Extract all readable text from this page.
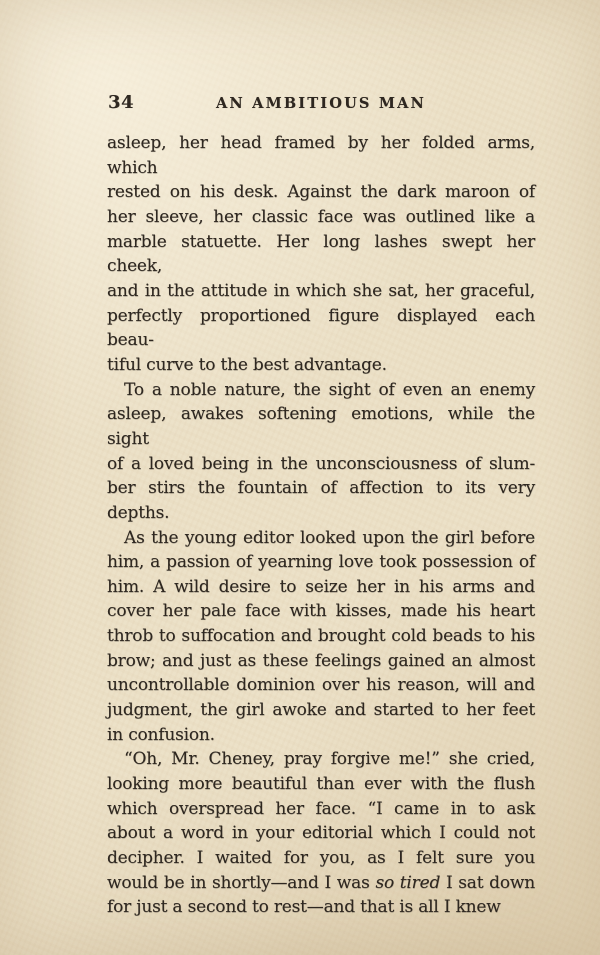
34	AN AMBITIOUS MAN
asleep, her head framed by her folded arms, which
rested on his desk. Against the dark maroon of
her sleeve, her classic face was outlined like a
marble statuette. Her long lashes swept her cheek,
and in the attitude in which she sat, her graceful,
perfectly proportioned figure displayed each beau-
tiful curve to the best advantage.
To a noble nature, the sight of even an enemy
asleep, awakes softening emotions, while the sight
of a loved being in the unconsciousness of slum-
ber stirs the fountain of affection to its very
depths.
As the young editor looked upon the girl before
him, a passion of yearning love took possession of
him. A wild desire to seize her in his arms and
cover her pale face with kisses, made his heart
throb to suffocation and brought cold beads to his
brow; and just as these feelings gained an almost
uncontrollable dominion over his reason, will and
judgment, the girl awoke and started to her feet
in confusion.
“Oh, Mr. Cheney, pray forgive me!” she cried,
looking more beautiful than ever with the flush
which overspread her face. “I came in to ask
about a word in your editorial which I could not
decipher. I waited for you, as I felt sure you
would be in shortly—and I was so tired I sat down
for just a second to rest—and that is all I knew
